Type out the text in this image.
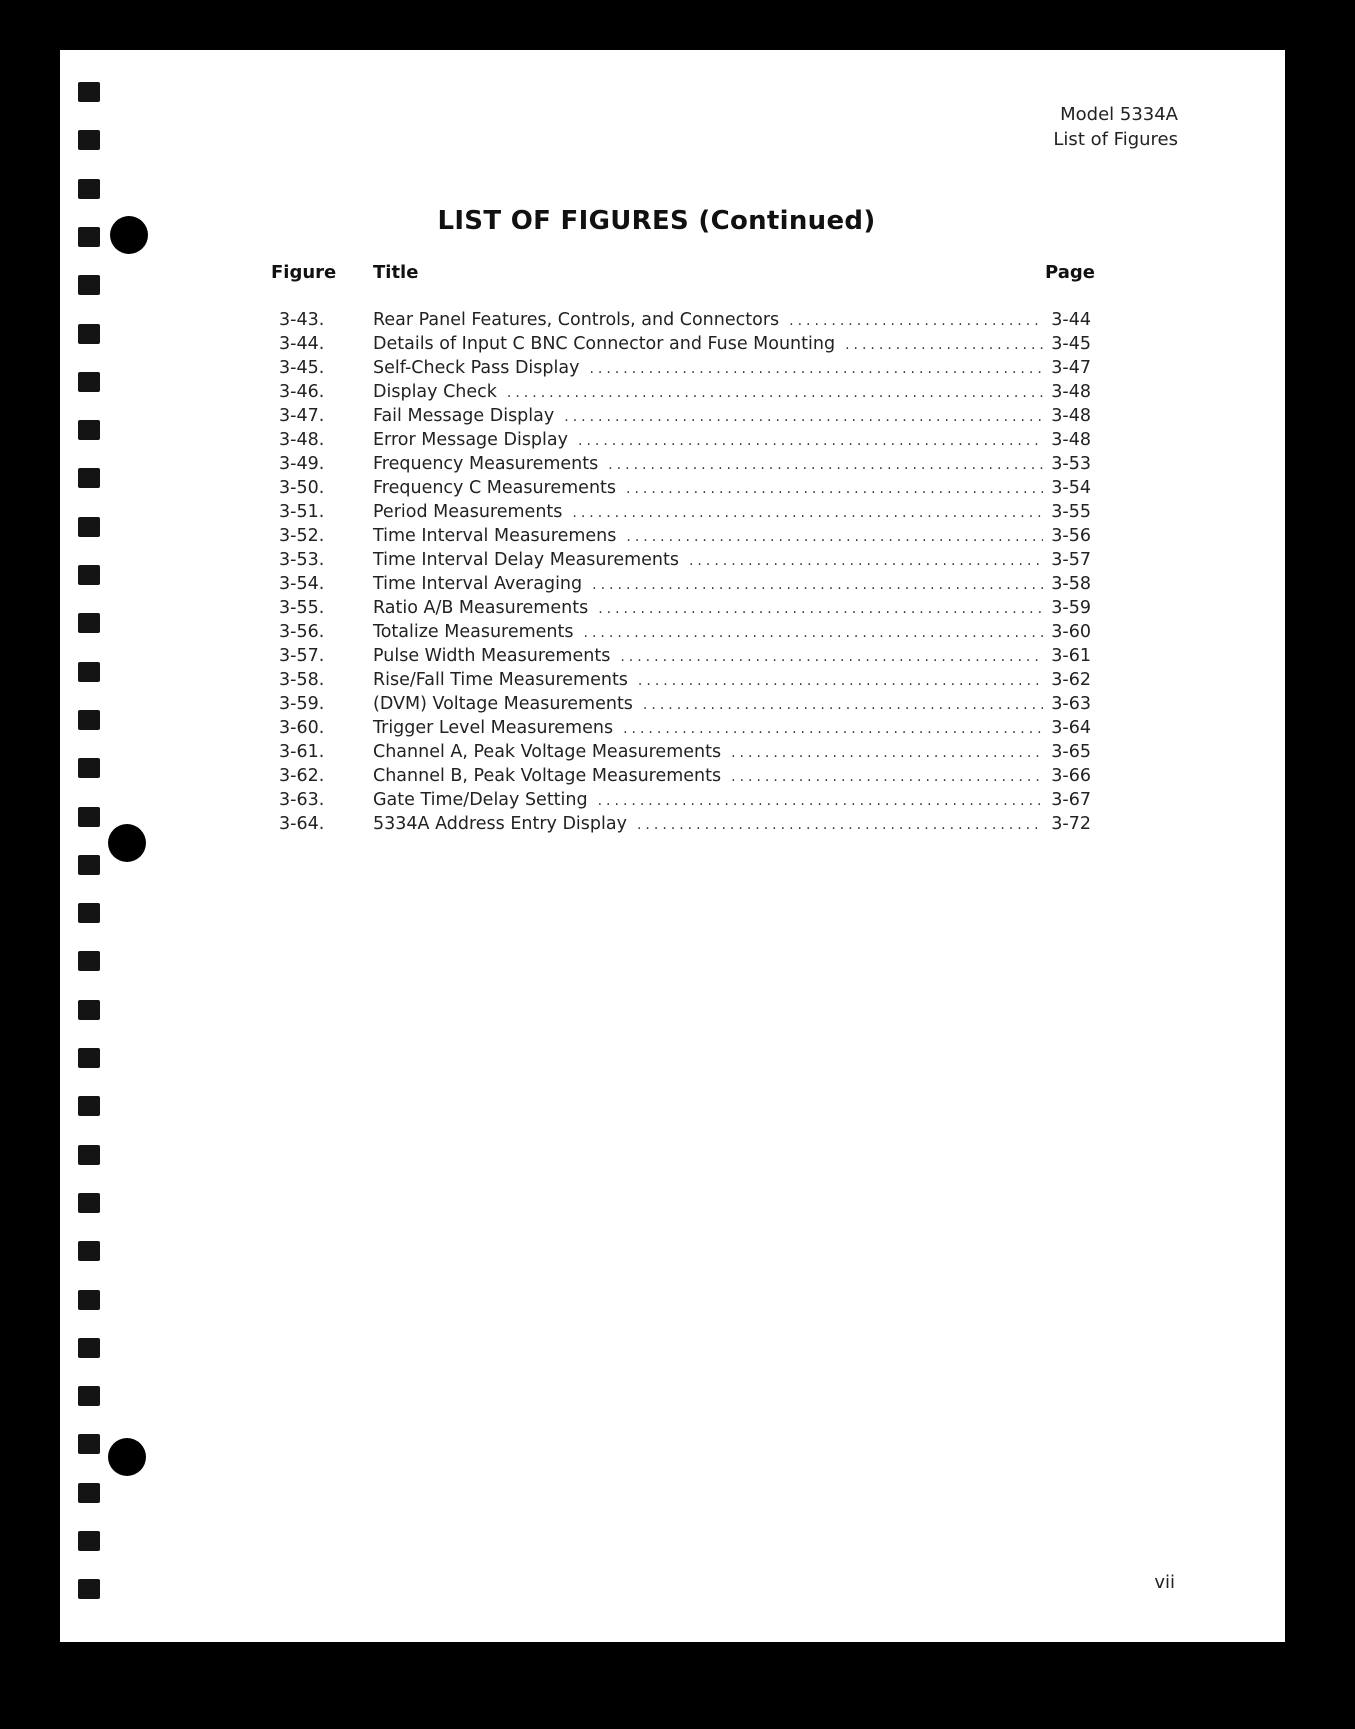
Model 5334A
List of Figures
LIST OF FIGURES (Continued)
Figure Title	Page
3-43.	Rear Panel Features, Controls, and Connectors .....	3-44
3-44.	Details of Input C BNC Connector and Fuse Mounting .....	3-45
3-45.	Self-Check Pass Display .....	3-47
3-46.	Display Check .....	3-48
3-47.	Fail Message Display .....	3-48
3-48.	Error Message Display .....	3-48
3-49.	Frequency Measurements .....	3-53
3-50.	Frequency C Measurements .....	3-54
3-51.	Period Measurements .....	3-55
3-52.	Time Interval Measuremens .....	3-56
3-53.	Time Interval Delay Measurements .....	3-57
3-54.	Time Interval Averaging .....	3-58
3-55.	Ratio A/B Measurements .....	3-59
3-56.	Totalize Measurements .....	3-60
3-57.	Pulse Width Measurements .....	3-61
3-58.	Rise/Fall Time Measurements .....	3-62
3-59.	(DVM) Voltage Measurements .....	3-63
3-60.	Trigger Level Measuremens .....	3-64
3-61.	Channel A, Peak Voltage Measurements .....	3-65
3-62.	Channel B, Peak Voltage Measurements .....	3-66
3-63.	Gate Time/Delay Setting .....	3-67
3-64.	5334A Address Entry Display .....	3-72
vii
